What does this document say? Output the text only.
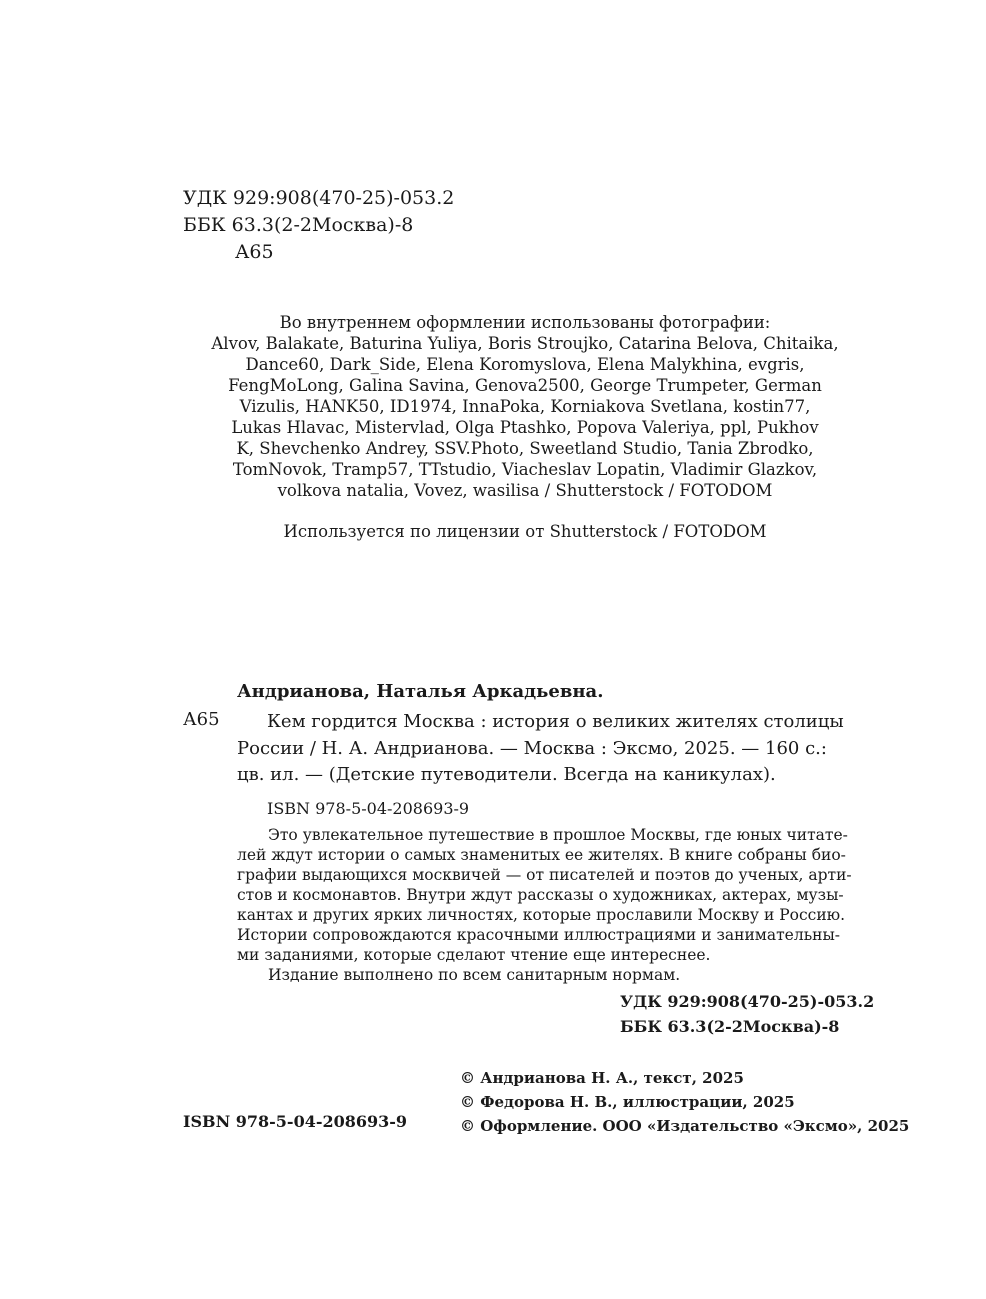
УДК 929:908(470-25)-053.2
ББК 63.3(2-2Москва)-8
А65
Во внутреннем оформлении использованы фотографии:
Alvov, Balakate, Baturina Yuliya, Boris Stroujko, Catarina Belova, Chitaika,
Dance60, Dark_Side, Elena Koromyslova, Elena Malykhina, evgris,
FengMoLong, Galina Savina, Genova2500, George Trumpeter, German
Vizulis, HANK50, ID1974, InnaPoka, Korniakova Svetlana, kostin77,
Lukas Hlavac, Mistervlad, Olga Ptashko, Popova Valeriya, ppl, Pukhov
K, Shevchenko Andrey, SSV.Photo, Sweetland Studio, Tania Zbrodko,
TomNovok, Tramp57, TTstudio, Viacheslav Lopatin, Vladimir Glazkov,
volkova natalia, Vovez, wasilisa / Shutterstock / FOTODOM
Используется по лицензии от Shutterstock / FOTODOM
Андрианова, Наталья Аркадьевна.
А65	Кем гордится Москва : история о великих жителях столицы
России / Н. А. Андрианова. — Москва : Эксмо, 2025. — 160 с.:
цв. ил. — (Детские путеводители. Всегда на каникулах).
ISBN 978-5-04-208693-9
Это увлекательное путешествие в прошлое Москвы, где юных читате-
лей ждут истории о самых знаменитых ее жителях. В книге собраны био-
графии выдающихся москвичей — от писателей и поэтов до ученых, арти-
стов и космонавтов. Внутри ждут рассказы о художниках, актерах, музы-
кантах и других ярких личностях, которые прославили Москву и Россию.
Истории сопровождаются красочными иллюстрациями и занимательны-
ми заданиями, которые сделают чтение еще интереснее.
Издание выполнено по всем санитарным нормам.
УДК 929:908(470-25)-053.2
ББК 63.3(2-2Москва)-8
© Андрианова Н. А., текст, 2025
© Федорова Н. В., иллюстрации, 2025
© Оформление. ООО «Издательство «Эксмо», 2025
ISBN 978-5-04-208693-9
